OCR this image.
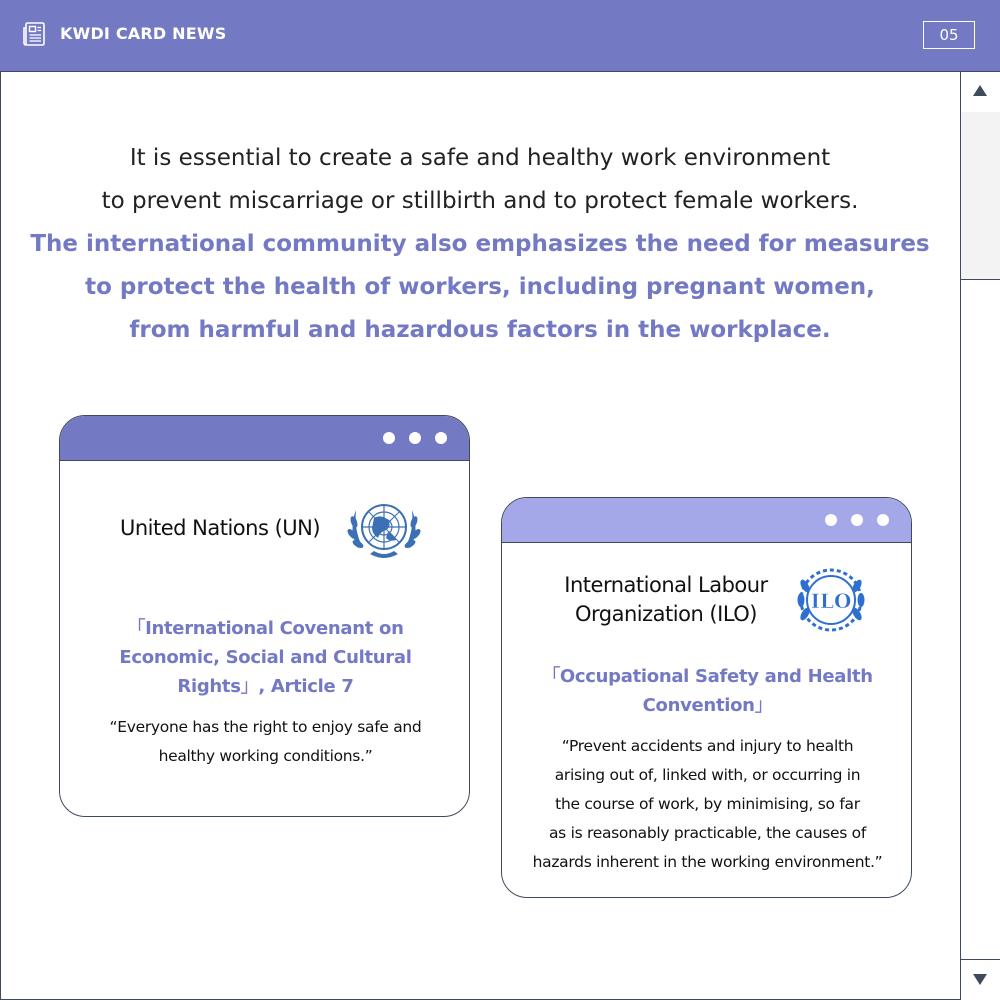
KWDI CARD NEWS	05

It is essential to create a safe and healthy work environment

to prevent miscarriage or stillbirth and to protect female workers.

The international community also emphasizes the need for measures

to protect the health of workers, including pregnant women,

from harmful and hazardous factors in the workplace.

United Nations (UN)
「International Covenant on
Economic, Social and Cultural
Rights」, Article 7
“Everyone has the right to enjoy safe and
healthy working conditions.”
International Labour
Organization (ILO)
ILO
「Occupational Safety and Health
Convention」
“Prevent accidents and injury to health
arising out of, linked with, or occurring in
the course of work, by minimising, so far
as is reasonably practicable, the causes of
hazards inherent in the working environment.”
